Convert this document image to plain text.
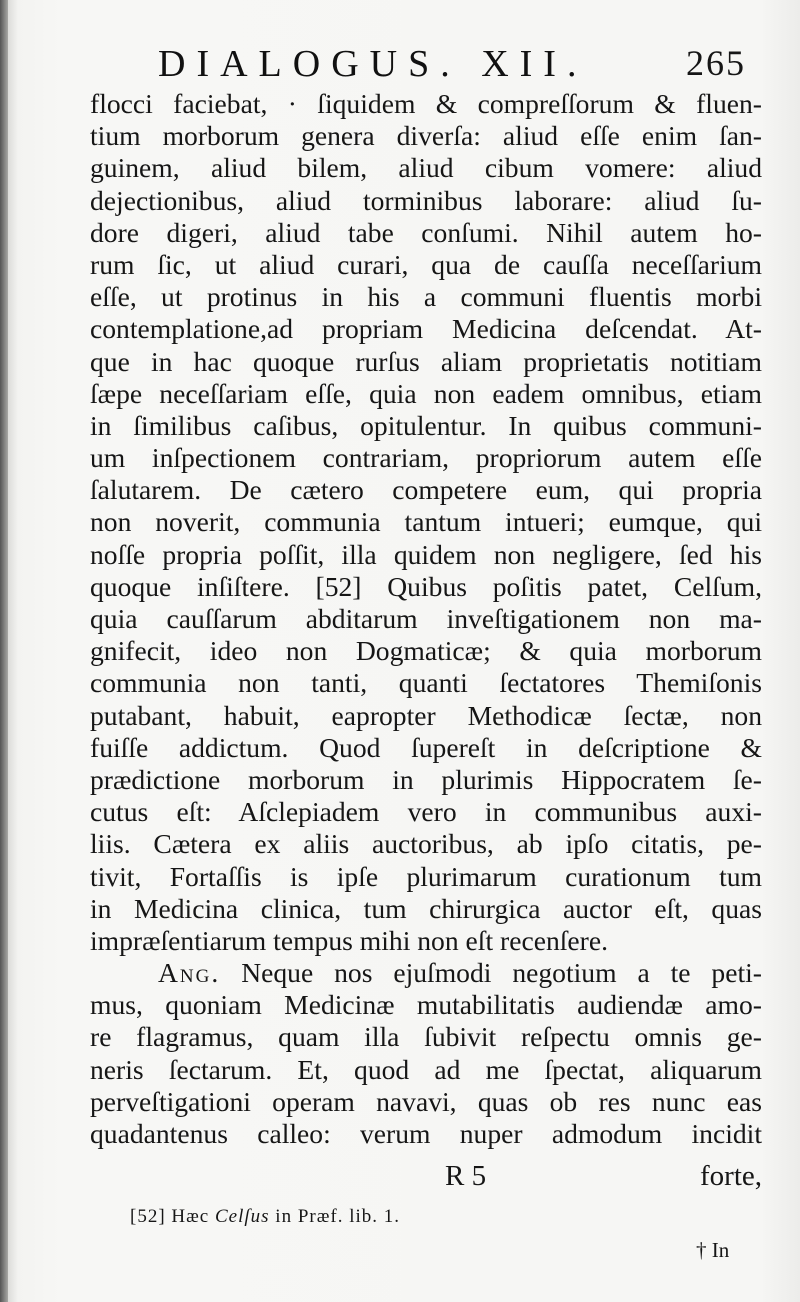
DIALOGUS. XII.	265
flocci faciebat, · ſiquidem & compreſſorum & fluen-
tium morborum genera diverſa: aliud eſſe enim ſan-
guinem, aliud bilem, aliud cibum vomere: aliud
dejectionibus, aliud torminibus laborare: aliud ſu-
dore digeri, aliud tabe conſumi. Nihil autem ho-
rum ſic, ut aliud curari, qua de cauſſa neceſſarium
eſſe, ut protinus in his a communi fluentis morbi
contemplatione,ad propriam Medicina deſcendat. At-
que in hac quoque rurſus aliam proprietatis notitiam
ſæpe neceſſariam eſſe, quia non eadem omnibus, etiam
in ſimilibus caſibus, opitulentur. In quibus communi-
um inſpectionem contrariam, propriorum autem eſſe
ſalutarem. De cætero competere eum, qui propria
non noverit, communia tantum intueri; eumque, qui
noſſe propria poſſit, illa quidem non negligere, ſed his
quoque inſiſtere. [52] Quibus poſitis patet, Celſum,
quia cauſſarum abditarum inveſtigationem non ma-
gnifecit, ideo non Dogmaticæ; & quia morborum
communia non tanti, quanti ſectatores Themiſonis
putabant, habuit, eapropter Methodicæ ſectæ, non
fuiſſe addictum. Quod ſupereſt in deſcriptione &
prædictione morborum in plurimis Hippocratem ſe-
cutus eſt: Aſclepiadem vero in communibus auxi-
liis. Cætera ex aliis auctoribus, ab ipſo citatis, pe-
tivit, Fortaſſis is ipſe plurimarum curationum tum
in Medicina clinica, tum chirurgica auctor eſt, quas
impræſentiarum tempus mihi non eſt recenſere.
Ang. Neque nos ejuſmodi negotium a te peti-
mus, quoniam Medicinæ mutabilitatis audiendæ amo-
re flagramus, quam illa ſubivit reſpectu omnis ge-
neris ſectarum. Et, quod ad me ſpectat, aliquarum
perveſtigationi operam navavi, quas ob res nunc eas
quadantenus calleo: verum nuper admodum incidit
R 5	forte,
[52] Hæc Celſus in Præf. lib. 1.
† In
